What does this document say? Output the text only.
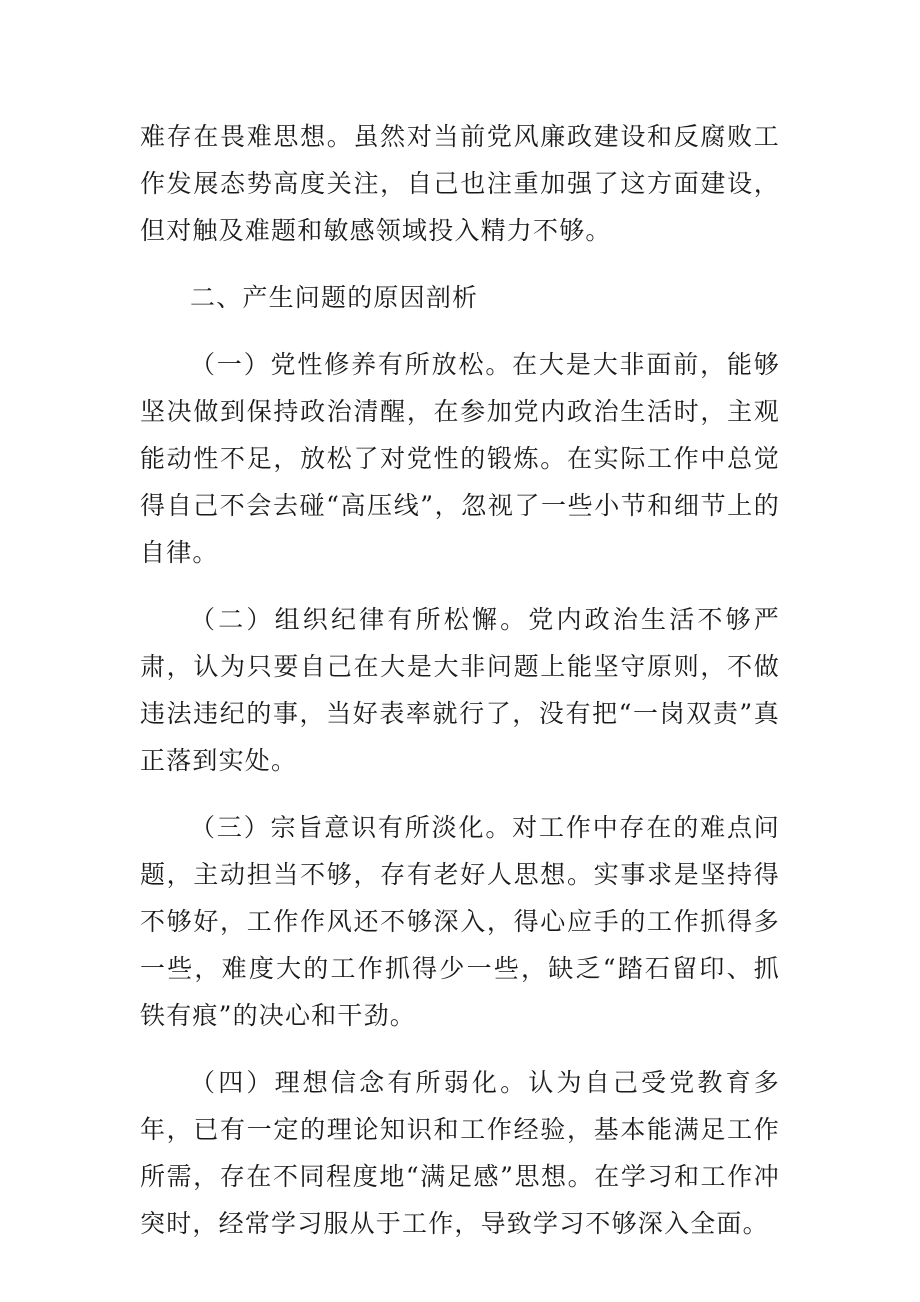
难存在畏难思想。虽然对当前党风廉政建设和反腐败工作发展态势高度关注，自己也注重加强了这方面建设，但对触及难题和敏感领域投入精力不够。

二、产生问题的原因剖析

（一）党性修养有所放松。在大是大非面前，能够坚决做到保持政治清醒，在参加党内政治生活时，主观能动性不足，放松了对党性的锻炼。在实际工作中总觉得自己不会去碰“高压线”，忽视了一些小节和细节上的自律。

（二）组织纪律有所松懈。党内政治生活不够严肃，认为只要自己在大是大非问题上能坚守原则，不做违法违纪的事，当好表率就行了，没有把“一岗双责”真正落到实处。

（三）宗旨意识有所淡化。对工作中存在的难点问题，主动担当不够，存有老好人思想。实事求是坚持得不够好，工作作风还不够深入，得心应手的工作抓得多一些，难度大的工作抓得少一些，缺乏“踏石留印、抓铁有痕”的决心和干劲。

（四）理想信念有所弱化。认为自己受党教育多年，已有一定的理论知识和工作经验，基本能满足工作所需，存在不同程度地“满足感”思想。在学习和工作冲突时，经常学习服从于工作，导致学习不够深入全面。
